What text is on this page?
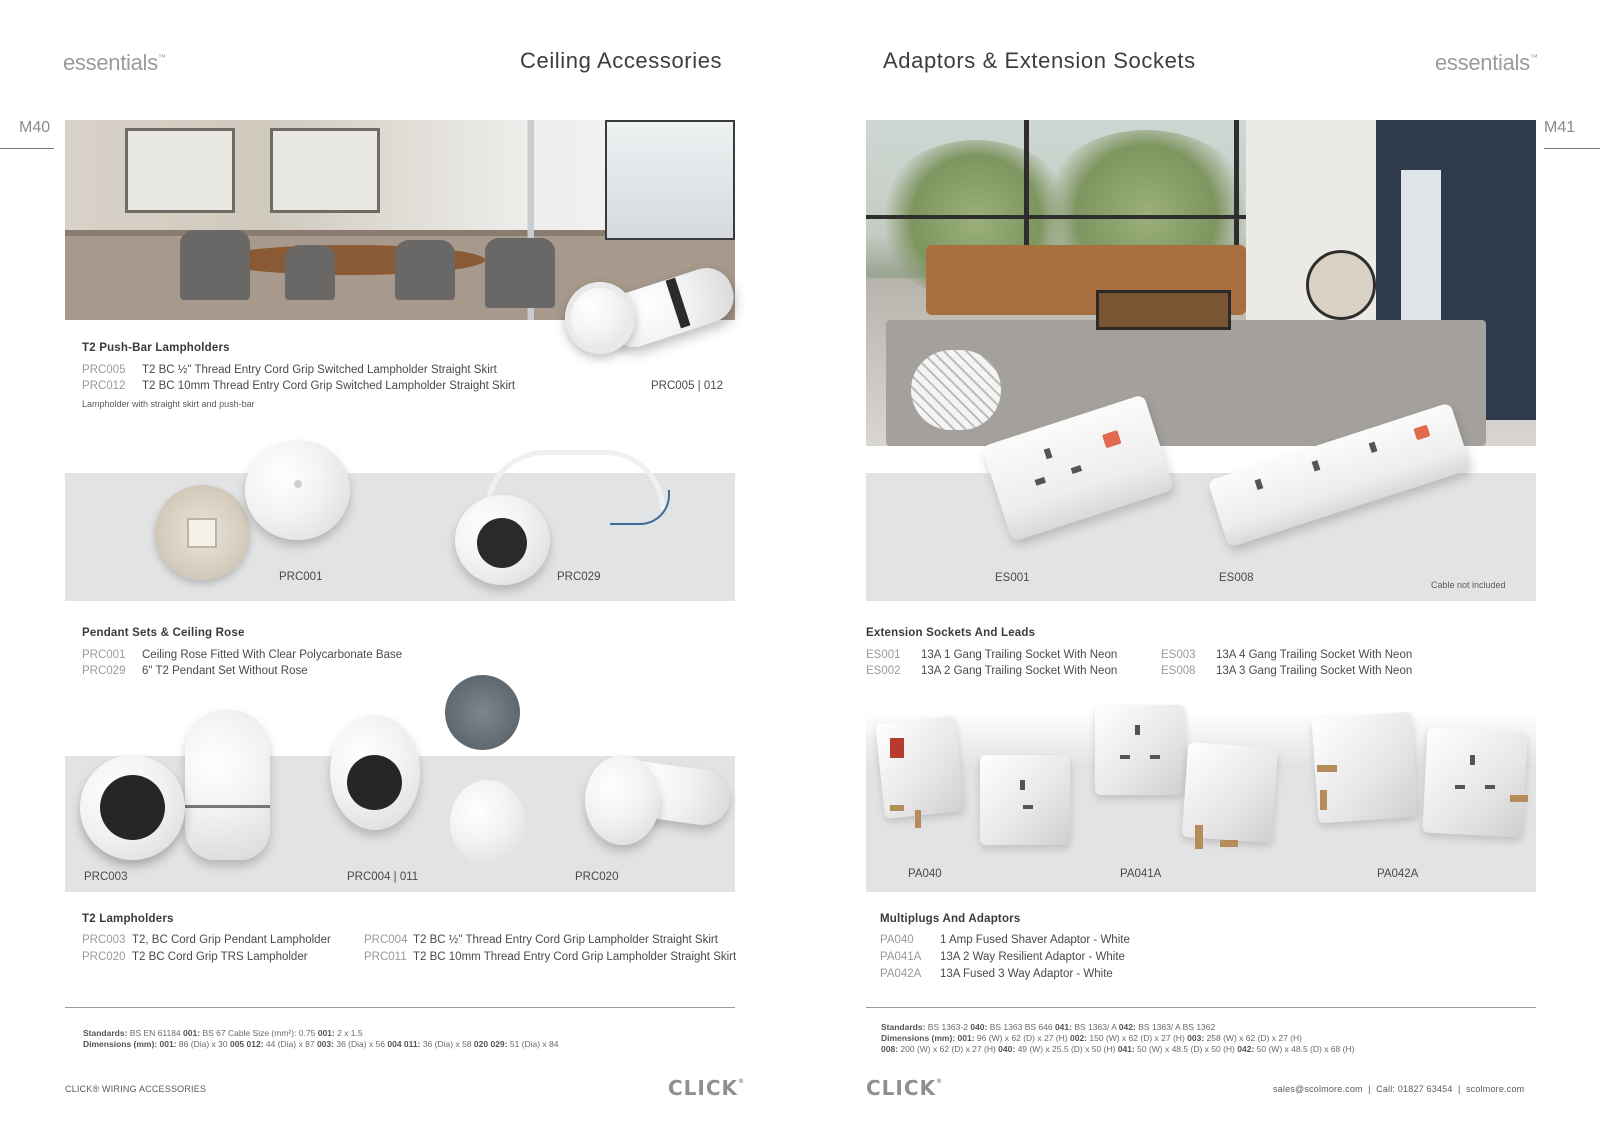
essentials™	Ceiling Accessories
M40
T2 Push-Bar Lampholders
PRC005 T2 BC ½" Thread Entry Cord Grip Switched Lampholder Straight Skirt
PRC012 T2 BC 10mm Thread Entry Cord Grip Switched Lampholder Straight Skirt
Lampholder with straight skirt and push-bar
PRC005 | 012
PRC001	PRC029
Pendant Sets & Ceiling Rose
PRC001 Ceiling Rose Fitted With Clear Polycarbonate Base
PRC029 6" T2 Pendant Set Without Rose
PRC003	PRC004 | 011	PRC020
T2 Lampholders
PRC003 T2, BC Cord Grip Pendant Lampholder
PRC020 T2 BC Cord Grip TRS Lampholder
PRC004 T2 BC ½" Thread Entry Cord Grip Lampholder Straight Skirt
PRC011 T2 BC 10mm Thread Entry Cord Grip Lampholder Straight Skirt
Standards: BS EN 61184 001: BS 67 Cable Size (mm²): 0.75 001: 2 x 1.5
Dimensions (mm): 001: 86 (Dia) x 30 005 012: 44 (Dia) x 87 003: 36 (Dia) x 56 004 011: 36 (Dia) x 58 020 029: 51 (Dia) x 84
CLICK® WIRING ACCESSORIES	CLICK®
Adaptors & Extension Sockets	essentials™
M41
ES001	ES008
Cable not included
Extension Sockets And Leads
ES001 13A 1 Gang Trailing Socket With Neon
ES002 13A 2 Gang Trailing Socket With Neon
ES003 13A 4 Gang Trailing Socket With Neon
ES008 13A 3 Gang Trailing Socket With Neon
PA040	PA041A	PA042A
Multiplugs And Adaptors
PA040 1 Amp Fused Shaver Adaptor - White
PA041A 13A 2 Way Resilient Adaptor - White
PA042A 13A Fused 3 Way Adaptor - White
Standards: BS 1363-2 040: BS 1363 BS 646 041: BS 1363/ A 042: BS 1363/ A BS 1362
Dimensions (mm): 001: 96 (W) x 62 (D) x 27 (H) 002: 150 (W) x 62 (D) x 27 (H) 003: 258 (W) x 62 (D) x 27 (H)
008: 200 (W) x 62 (D) x 27 (H) 040: 49 (W) x 25.5 (D) x 50 (H) 041: 50 (W) x 48.5 (D) x 50 (H) 042: 50 (W) x 48.5 (D) x 68 (H)
CLICK®
sales@scolmore.com | Call: 01827 63454 | scolmore.com
